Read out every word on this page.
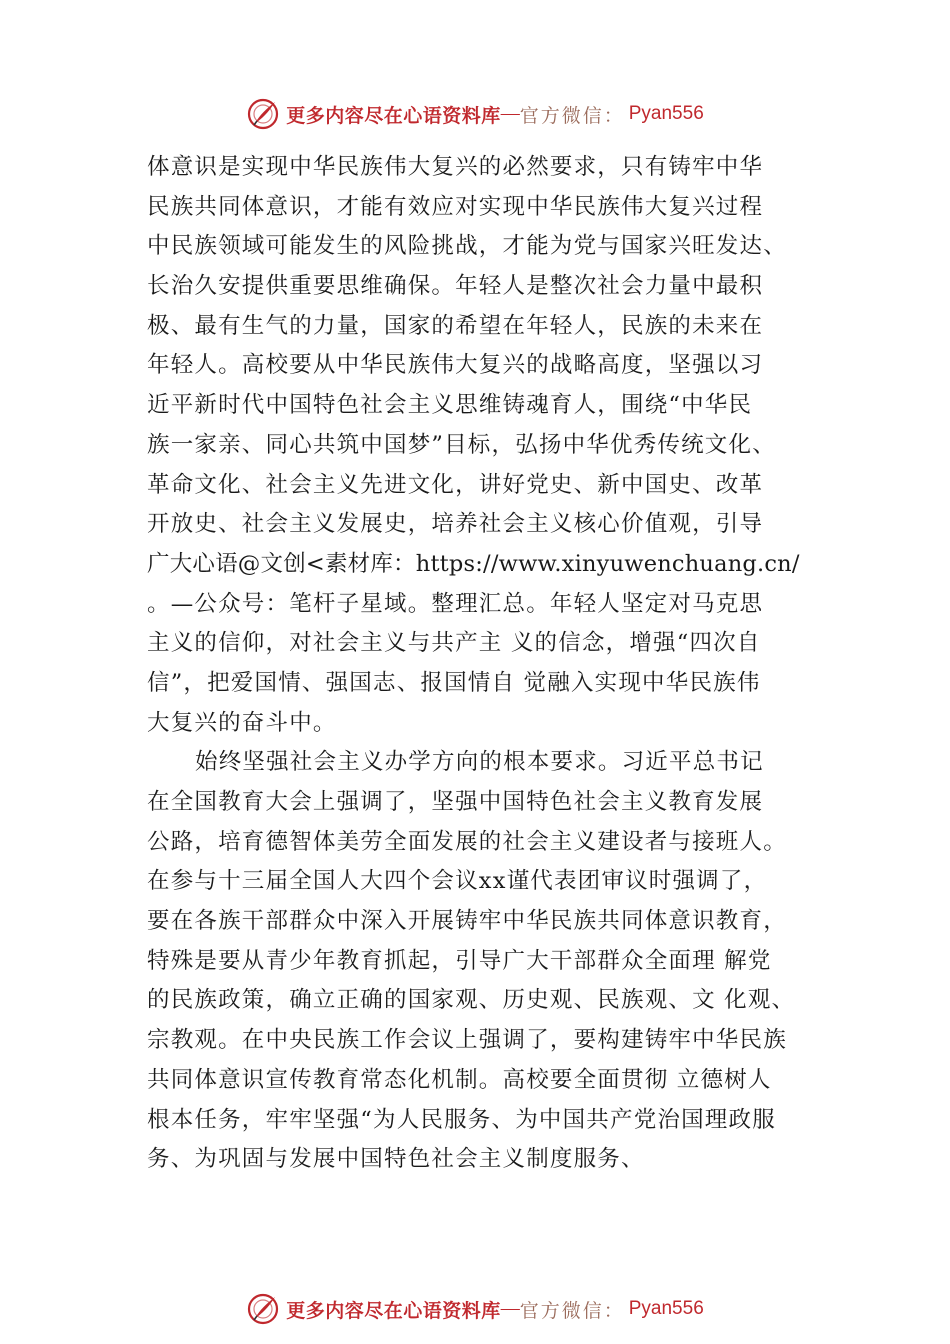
更多内容尽在心语资料库 — 官方微信： Pyan556
体意识是实现中华民族伟大复兴的必然要求，只有铸牢中华
民族共同体意识，才能有效应对实现中华民族伟大复兴过程
中民族领域可能发生的风险挑战，才能为党与国家兴旺发达、
长治久安提供重要思维确保。年轻人是整次社会力量中最积
极、最有生气的力量，国家的希望在年轻人，民族的未来在
年轻人。高校要从中华民族伟大复兴的战略高度，坚强以习
近平新时代中国特色社会主义思维铸魂育人，围绕“中华民
族一家亲、同心共筑中国梦”目标，弘扬中华优秀传统文化、
革命文化、社会主义先进文化，讲好党史、新中国史、改革
开放史、社会主义发展史，培养社会主义核心价值观，引导
广大心语@文创<素材库：https://www.xinyuwenchuang.cn/
。—公众号：笔杆子星域。整理汇总。年轻人坚定对马克思
主义的信仰，对社会主义与共产主 义的信念，增强“四次自
信”，把爱国情、强国志、报国情自 觉融入实现中华民族伟
大复兴的奋斗中。
始终坚强社会主义办学方向的根本要求。习近平总书记
在全国教育大会上强调了，坚强中国特色社会主义教育发展
公路，培育德智体美劳全面发展的社会主义建设者与接班人。
在参与十三届全国人大四个会议xx谨代表团审议时强调了，
要在各族干部群众中深入开展铸牢中华民族共同体意识教育，
特殊是要从青少年教育抓起，引导广大干部群众全面理 解党
的民族政策，确立正确的国家观、历史观、民族观、文 化观、
宗教观。在中央民族工作会议上强调了，要构建铸牢中华民族
共同体意识宣传教育常态化机制。高校要全面贯彻 立德树人
根本任务，牢牢坚强“为人民服务、为中国共产党治国理政服
务、为巩固与发展中国特色社会主义制度服务、
更多内容尽在心语资料库 — 官方微信： Pyan556
